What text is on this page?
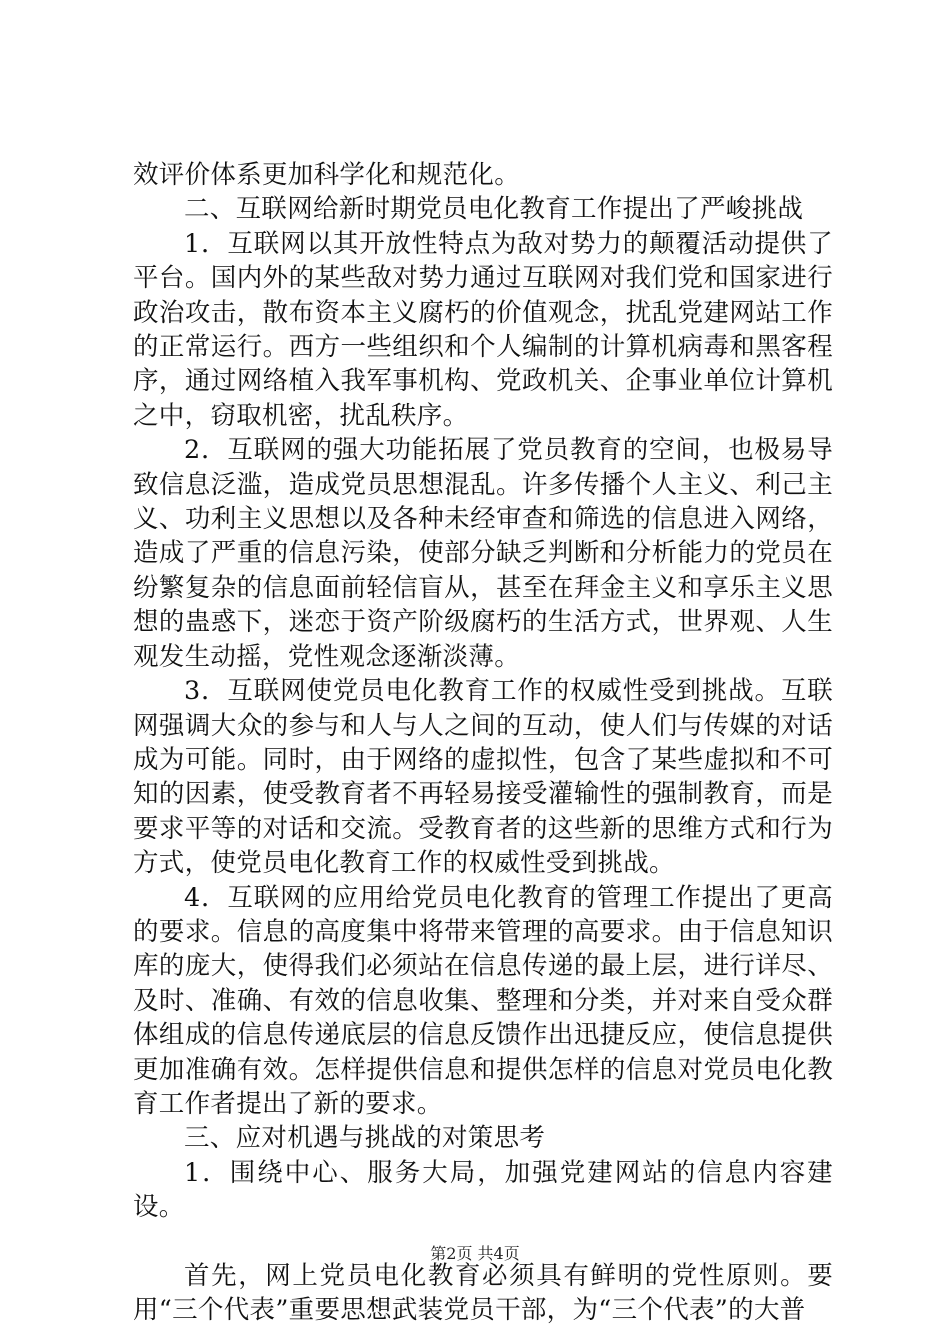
效评价体系更加科学化和规范化。

二、互联网给新时期党员电化教育工作提出了严峻挑战

1．互联网以其开放性特点为敌对势力的颠覆活动提供了平台。国内外的某些敌对势力通过互联网对我们党和国家进行政治攻击，散布资本主义腐朽的价值观念，扰乱党建网站工作的正常运行。西方一些组织和个人编制的计算机病毒和黑客程序，通过网络植入我军事机构、党政机关、企事业单位计算机之中，窃取机密，扰乱秩序。

2．互联网的强大功能拓展了党员教育的空间，也极易导致信息泛滥，造成党员思想混乱。许多传播个人主义、利己主义、功利主义思想以及各种未经审查和筛选的信息进入网络，造成了严重的信息污染，使部分缺乏判断和分析能力的党员在纷繁复杂的信息面前轻信盲从，甚至在拜金主义和享乐主义思想的蛊惑下，迷恋于资产阶级腐朽的生活方式，世界观、人生观发生动摇，党性观念逐渐淡薄。

3．互联网使党员电化教育工作的权威性受到挑战。互联网强调大众的参与和人与人之间的互动，使人们与传媒的对话成为可能。同时，由于网络的虚拟性，包含了某些虚拟和不可知的因素，使受教育者不再轻易接受灌输性的强制教育，而是要求平等的对话和交流。受教育者的这些新的思维方式和行为方式，使党员电化教育工作的权威性受到挑战。

4．互联网的应用给党员电化教育的管理工作提出了更高的要求。信息的高度集中将带来管理的高要求。由于信息知识库的庞大，使得我们必须站在信息传递的最上层，进行详尽、及时、准确、有效的信息收集、整理和分类，并对来自受众群体组成的信息传递底层的信息反馈作出迅捷反应，使信息提供更加准确有效。怎样提供信息和提供怎样的信息对党员电化教育工作者提出了新的要求。

三、应对机遇与挑战的对策思考

1．围绕中心、服务大局，加强党建网站的信息内容建设。

首先，网上党员电化教育必须具有鲜明的党性原则。要用“三个代表”重要思想武装党员干部，为“三个代表”的大普

第2页 共4页
